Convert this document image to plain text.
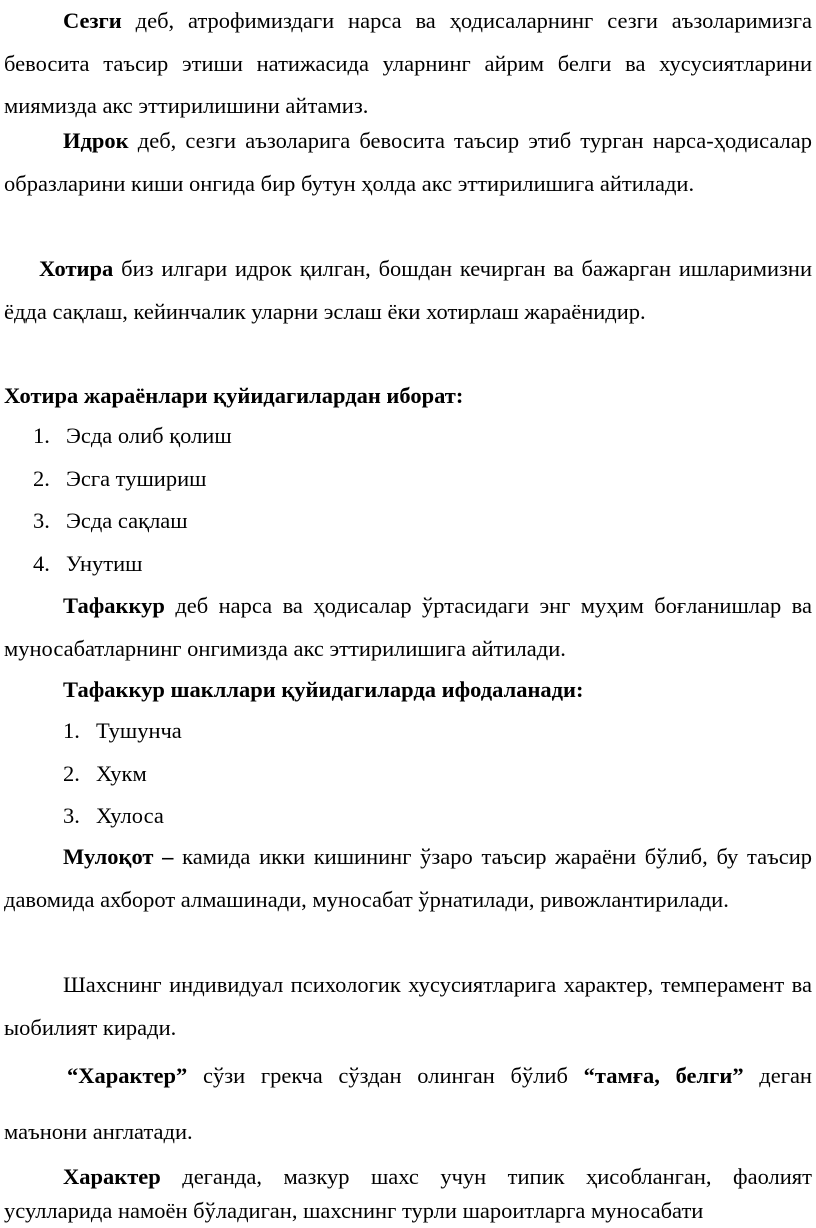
Сезги деб, атрофимиздаги нарса ва ҳодисаларнинг сезги аъзоларимизга бевосита таъсир этиши натижасида уларнинг айрим белги ва хусусиятларини миямизда акс эттирилишини айтамиз.

Идрок деб, сезги аъзоларига бевосита таъсир этиб турган нарса-ҳодисалар образларини киши онгида бир бутун ҳолда акс эттирилишига айтилади.

Хотира биз илгари идрок қилган, бошдан кечирган ва бажарган ишларимизни ёдда сақлаш, кейинчалик уларни эслаш ёки хотирлаш жараёнидир.

Хотира жараёнлари қуйидагилардан иборат:
1. Эсда олиб қолиш
2. Эсга тушириш
3. Эсда сақлаш
4. Унутиш

Тафаккур деб нарса ва ҳодисалар ўртасидаги энг муҳим боғланишлар ва муносабатларнинг онгимизда акс эттирилишига айтилади.

Тафаккур шакллари қуйидагиларда ифодаланади:
1. Тушунча
2. Хукм
3. Хулоса

Мулоқот – камида икки кишининг ўзаро таъсир жараёни бўлиб, бу таъсир давомида ахборот алмашинади, муносабат ўрнатилади, ривожлантирилади.

Шахснинг индивидуал психологик хусусиятларига характер, темперамент ва ыобилият киради.

“Характер” сўзи грекча сўздан олинган бўлиб “тамға, белги” деган маънони англатади.

Характер деганда, мазкур шахс учун типик ҳисобланган, фаолият усулларида намоён бўладиган, шахснинг турли шароитларга муносабати
